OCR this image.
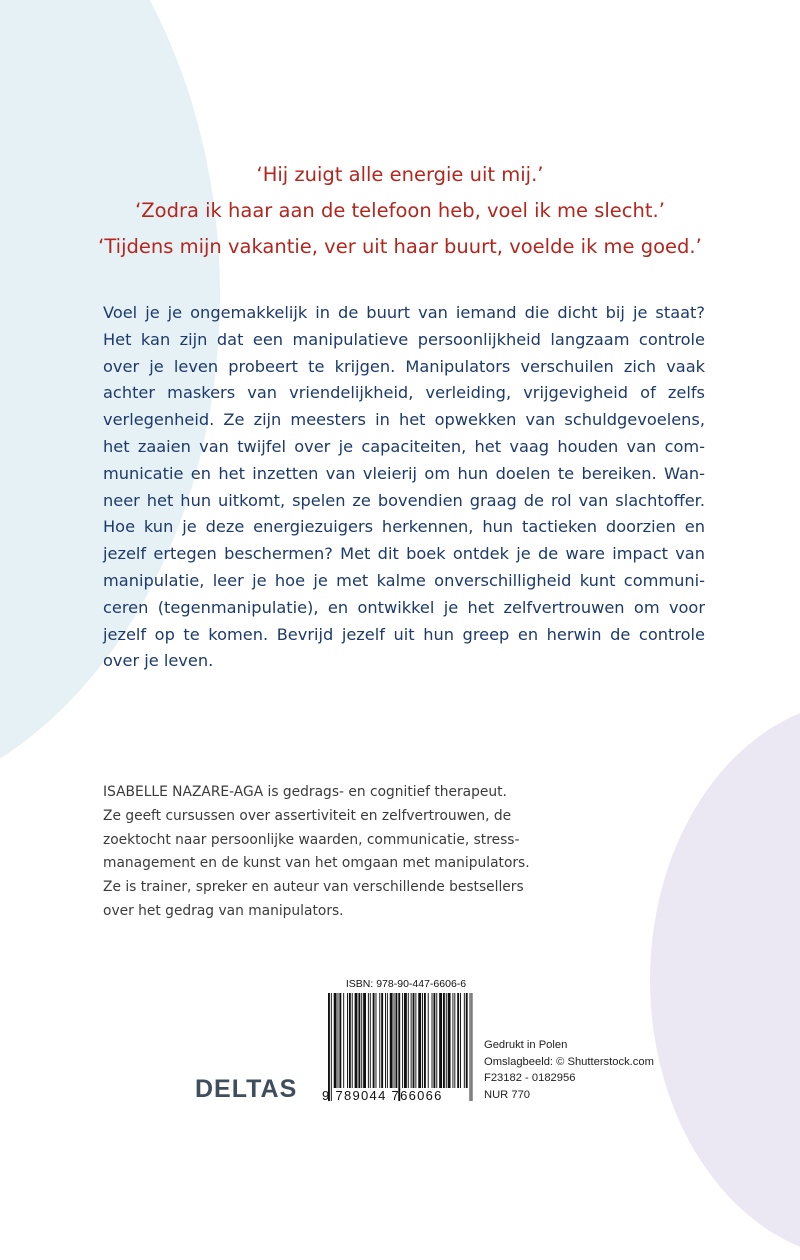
‘Hij zuigt alle energie uit mij.’
‘Zodra ik haar aan de telefoon heb, voel ik me slecht.’
‘Tijdens mijn vakantie, ver uit haar buurt, voelde ik me goed.’
Voel je je ongemakkelijk in de buurt van iemand die dicht bij je staat?
Het kan zijn dat een manipulatieve persoonlijkheid langzaam controle
over je leven probeert te krijgen. Manipulators verschuilen zich vaak
achter maskers van vriendelijkheid, verleiding, vrijgevigheid of zelfs
verlegenheid. Ze zijn meesters in het opwekken van schuldgevoelens,
het zaaien van twijfel over je capaciteiten, het vaag houden van com-
municatie en het inzetten van vleierij om hun doelen te bereiken. Wan-
neer het hun uitkomt, spelen ze bovendien graag de rol van slachtoffer.
Hoe kun je deze energiezuigers herkennen, hun tactieken doorzien en
jezelf ertegen beschermen? Met dit boek ontdek je de ware impact van
manipulatie, leer je hoe je met kalme onverschilligheid kunt communi-
ceren (tegenmanipulatie), en ontwikkel je het zelfvertrouwen om voor
jezelf op te komen. Bevrijd jezelf uit hun greep en herwin de controle
over je leven.
ISABELLE NAZARE-AGA is gedrags- en cognitief therapeut.
Ze geeft cursussen over assertiviteit en zelfvertrouwen, de
zoektocht naar persoonlijke waarden, communicatie, stress-
management en de kunst van het omgaan met manipulators.
Ze is trainer, spreker en auteur van verschillende bestsellers
over het gedrag van manipulators.
ISBN: 978-90-447-6606-6
9 789044 766066
DELTAS
Gedrukt in Polen
Omslagbeeld: © Shutterstock.com
F23182 - 0182956
NUR 770
